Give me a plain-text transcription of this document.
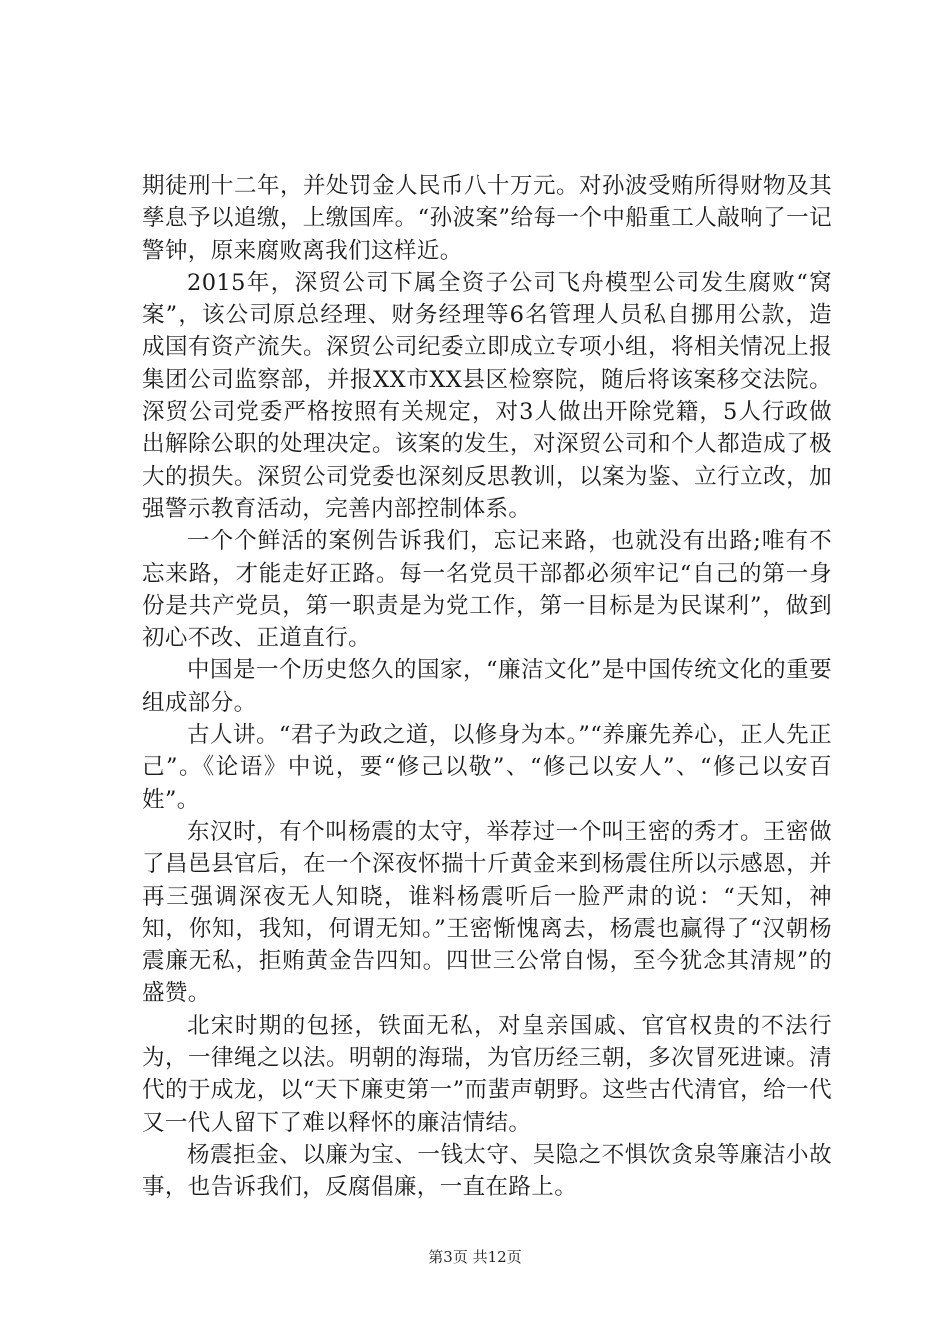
期徒刑十二年，并处罚金人民币八十万元。对孙波受贿所得财物及其孳息予以追缴，上缴国库。“孙波案”给每一个中船重工人敲响了一记警钟，原来腐败离我们这样近。

2015年，深贸公司下属全资子公司飞舟模型公司发生腐败“窝案”，该公司原总经理、财务经理等6名管理人员私自挪用公款，造成国有资产流失。深贸公司纪委立即成立专项小组，将相关情况上报集团公司监察部，并报XX市XX县区检察院，随后将该案移交法院。深贸公司党委严格按照有关规定，对3人做出开除党籍，5人行政做出解除公职的处理决定。该案的发生，对深贸公司和个人都造成了极大的损失。深贸公司党委也深刻反思教训，以案为鉴、立行立改，加强警示教育活动，完善内部控制体系。

一个个鲜活的案例告诉我们，忘记来路，也就没有出路;唯有不忘来路，才能走好正路。每一名党员干部都必须牢记“自己的第一身份是共产党员，第一职责是为党工作，第一目标是为民谋利”，做到初心不改、正道直行。

中国是一个历史悠久的国家，“廉洁文化”是中国传统文化的重要组成部分。

古人讲。“君子为政之道，以修身为本。”“养廉先养心，正人先正己”。《论语》中说，要“修己以敬”、“修己以安人”、“修己以安百姓”。

东汉时，有个叫杨震的太守，举荐过一个叫王密的秀才。王密做了昌邑县官后，在一个深夜怀揣十斤黄金来到杨震住所以示感恩，并再三强调深夜无人知晓，谁料杨震听后一脸严肃的说：“天知，神知，你知，我知，何谓无知。”王密惭愧离去，杨震也赢得了“汉朝杨震廉无私，拒贿黄金告四知。四世三公常自惕，至今犹念其清规”的盛赞。

北宋时期的包拯，铁面无私，对皇亲国戚、官官权贵的不法行为，一律绳之以法。明朝的海瑞，为官历经三朝，多次冒死进谏。清代的于成龙，以“天下廉吏第一”而蜚声朝野。这些古代清官，给一代又一代人留下了难以释怀的廉洁情结。

杨震拒金、以廉为宝、一钱太守、吴隐之不惧饮贪泉等廉洁小故事，也告诉我们，反腐倡廉，一直在路上。

第3页 共12页
